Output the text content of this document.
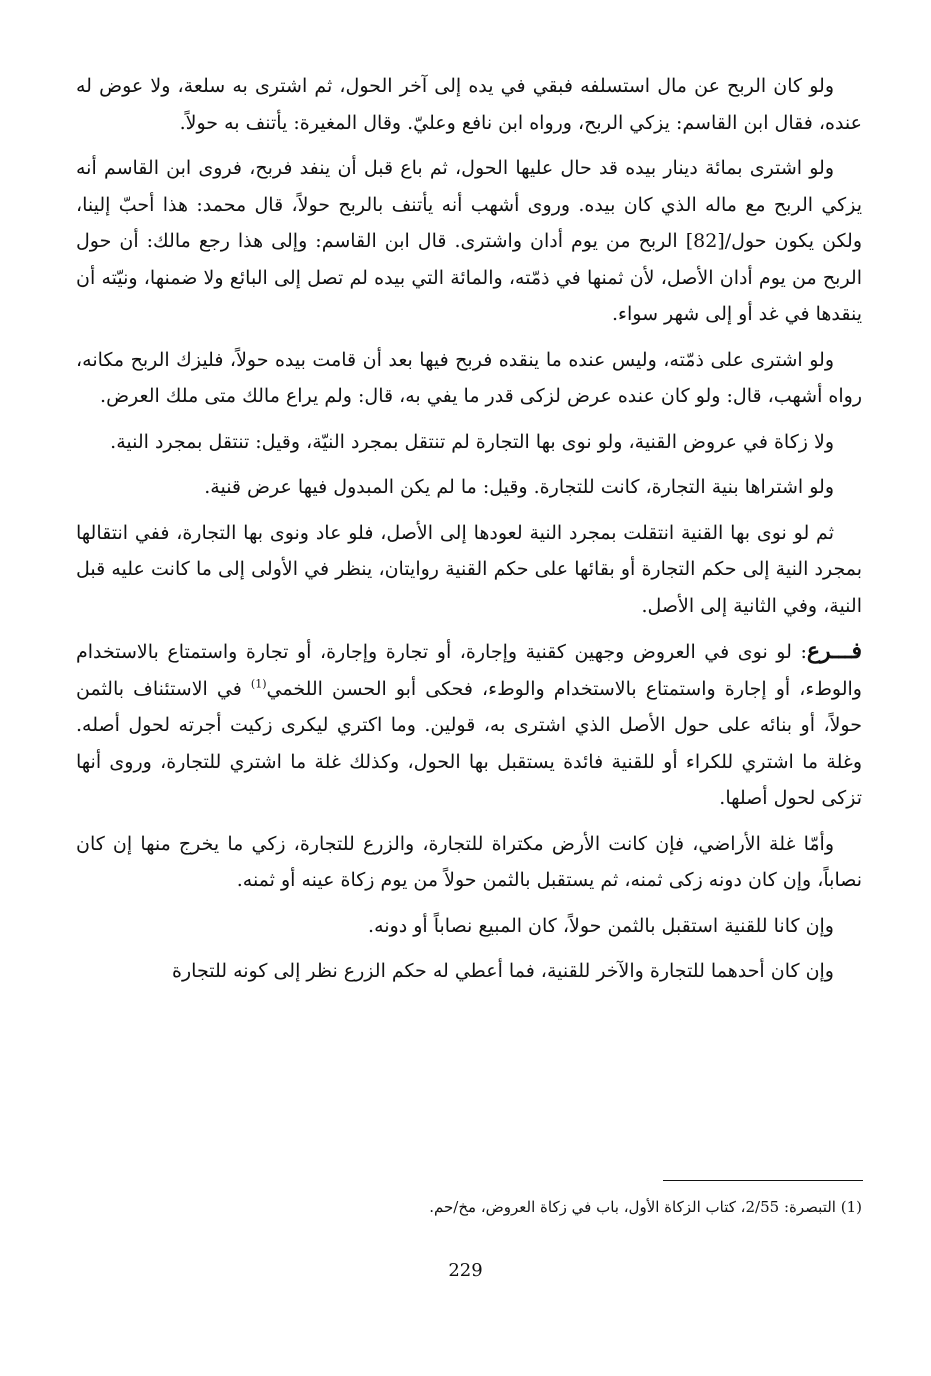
ولو كان الربح عن مال استسلفه فبقي في يده إلى آخر الحول، ثم اشترى به سلعة، ولا عوض له عنده، فقال ابن القاسم: يزكي الربح، ورواه ابن نافع وعليّ. وقال المغيرة: يأتنف به حولاً.

ولو اشترى بمائة دينار بيده قد حال عليها الحول، ثم باع قبل أن ينفد فربح، فروى ابن القاسم أنه يزكي الربح مع ماله الذي كان بيده. وروى أشهب أنه يأتنف بالربح حولاً، قال محمد: هذا أحبّ إلينا، ولكن يكون حول/[82] الربح من يوم أدان واشترى. قال ابن القاسم: وإلى هذا رجع مالك: أن حول الربح من يوم أدان الأصل، لأن ثمنها في ذمّته، والمائة التي بيده لم تصل إلى البائع ولا ضمنها، ونيّته أن ينقدها في غد أو إلى شهر سواء.

ولو اشترى على ذمّته، وليس عنده ما ينقده فربح فيها بعد أن قامت بيده حولاً، فليزك الربح مكانه، رواه أشهب، قال: ولو كان عنده عرض لزكى قدر ما يفي به، قال: ولم يراع مالك متى ملك العرض.

ولا زكاة في عروض القنية، ولو نوى بها التجارة لم تنتقل بمجرد النيّة، وقيل: تنتقل بمجرد النية.

ولو اشتراها بنية التجارة، كانت للتجارة. وقيل: ما لم يكن المبدول فيها عرض قنية.

ثم لو نوى بها القنية انتقلت بمجرد النية لعودها إلى الأصل، فلو عاد ونوى بها التجارة، ففي انتقالها بمجرد النية إلى حكم التجارة أو بقائها على حكم القنية روايتان، ينظر في الأولى إلى ما كانت عليه قبل النية، وفي الثانية إلى الأصل.

فـــرع: لو نوى في العروض وجهين كقنية وإجارة، أو تجارة وإجارة، أو تجارة واستمتاع بالاستخدام والوطء، أو إجارة واستمتاع بالاستخدام والوطء، فحكى أبو الحسن اللخمي$^{(1)}$ في الاستئناف بالثمن حولاً، أو بنائه على حول الأصل الذي اشترى به، قولين. وما اكتري ليكرى زكيت أجرته لحول أصله. وغلة ما اشتري للكراء أو للقنية فائدة يستقبل بها الحول، وكذلك غلة ما اشتري للتجارة، وروى أنها تزكى لحول أصلها.

وأمّا غلة الأراضي، فإن كانت الأرض مكتراة للتجارة، والزرع للتجارة، زكي ما يخرج منها إن كان نصاباً، وإن كان دونه زكى ثمنه، ثم يستقبل بالثمن حولاً من يوم زكاة عينه أو ثمنه.

وإن كانا للقنية استقبل بالثمن حولاً، كان المبيع نصاباً أو دونه.

وإن كان أحدهما للتجارة والآخر للقنية، فما أعطي له حكم الزرع نظر إلى كونه للتجارة

(1) التبصرة: 2/55، كتاب الزكاة الأول، باب في زكاة العروض، مخ/حم.
229
